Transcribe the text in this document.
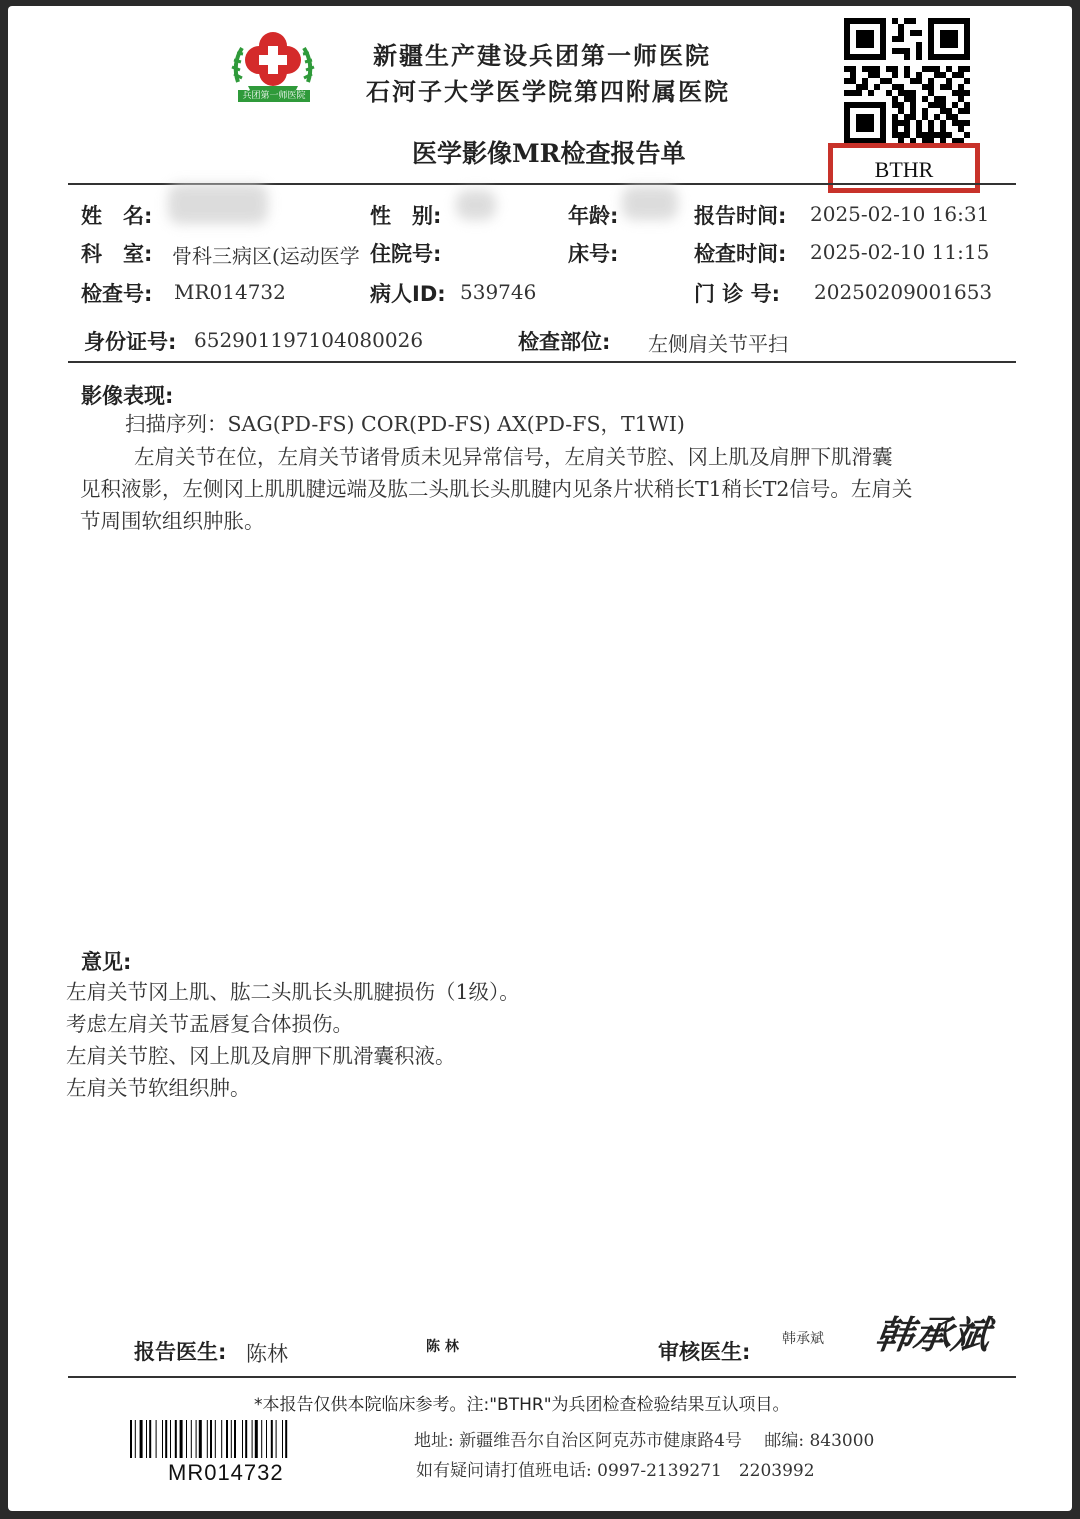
兵团第一师医院
新疆生产建设兵团第一师医院
石河子大学医学院第四附属医院
医学影像MR检查报告单
BTHR
姓　名:	性　别:	年龄:	报告时间: 2025-02-10 16:31
科　室: 骨科三病区(运动医学 住院号:	床号:	检查时间: 2025-02-10 11:15
检查号: MR014732	病人ID: 539746	门 诊 号: 20250209001653
身份证号: 652901197104080026	检查部位: 左侧肩关节平扫
影像表现:
扫描序列：SAG(PD-FS) COR(PD-FS) AX(PD-FS，T1WI)
左肩关节在位，左肩关节诸骨质未见异常信号，左肩关节腔、冈上肌及肩胛下肌滑囊
见积液影，左侧冈上肌肌腱远端及肱二头肌长头肌腱内见条片状稍长T1稍长T2信号。左肩关
节周围软组织肿胀。
意见:
左肩关节冈上肌、肱二头肌长头肌腱损伤（1级）。
考虑左肩关节盂唇复合体损伤。
左肩关节腔、冈上肌及肩胛下肌滑囊积液。
左肩关节软组织肿。
报告医生: 陈林	陈 林	审核医生:
韩承斌 韩承斌
*本报告仅供本院临床参考。注:"BTHR"为兵团检查检验结果互认项目。
MR014732
地址: 新疆维吾尔自治区阿克苏市健康路4号　 邮编: 843000
如有疑问请打值班电话: 0997-2139271　2203992
